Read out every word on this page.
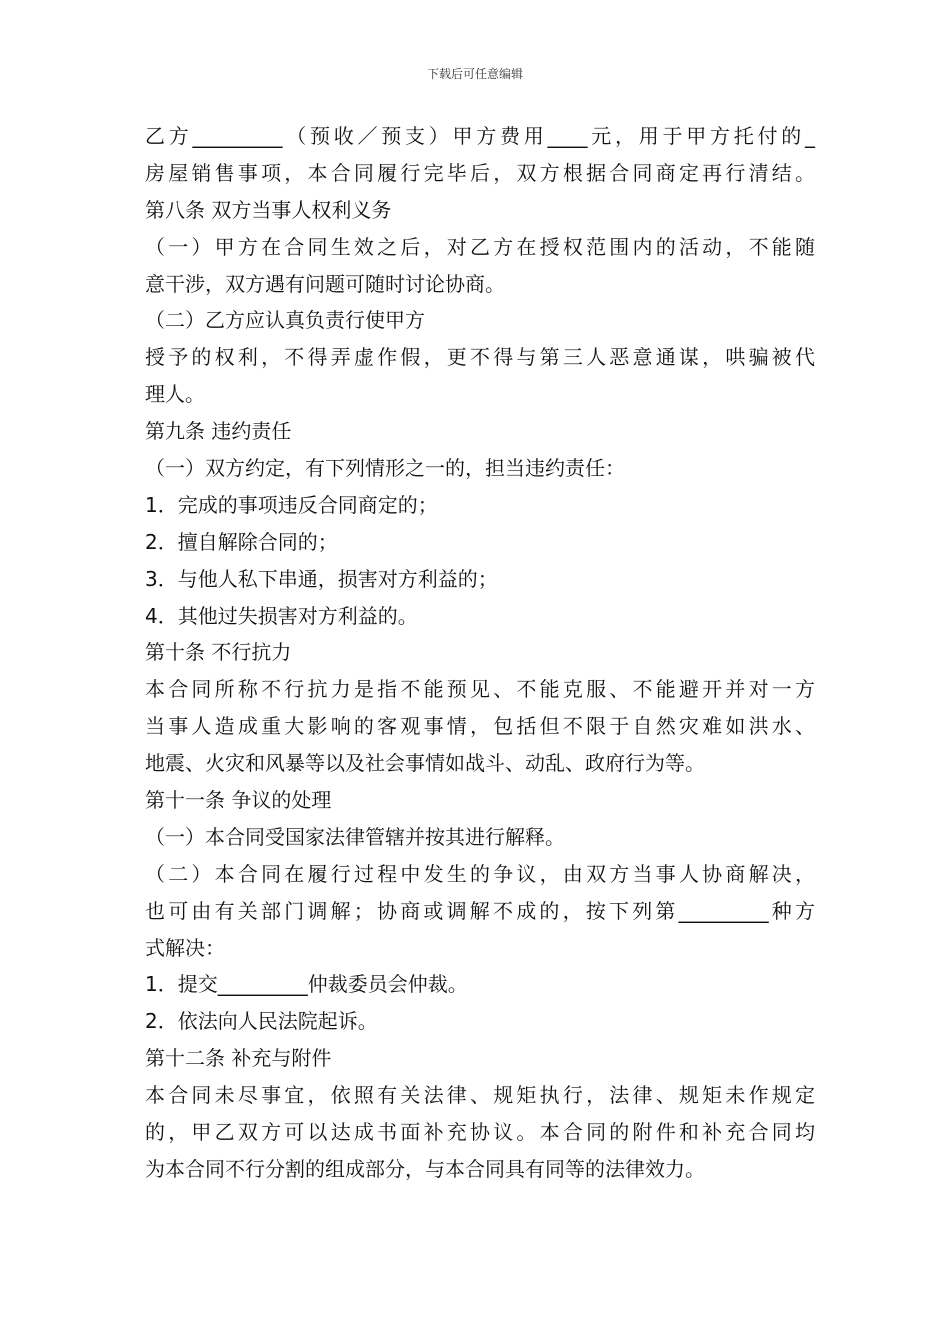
下载后可任意编辑
乙方_________（预收／预支）甲方费用____元，用于甲方托付的_
房屋销售事项，本合同履行完毕后，双方根据合同商定再行清结。
第八条 双方当事人权利义务
（一）甲方在合同生效之后，对乙方在授权范围内的活动，不能随
意干涉，双方遇有问题可随时讨论协商。
（二）乙方应认真负责行使甲方
授予的权利，不得弄虚作假，更不得与第三人恶意通谋，哄骗被代
理人。
第九条 违约责任
（一）双方约定，有下列情形之一的，担当违约责任：
1．完成的事项违反合同商定的；
2．擅自解除合同的；
3．与他人私下串通，损害对方利益的；
4．其他过失损害对方利益的。
第十条 不行抗力
本合同所称不行抗力是指不能预见、不能克服、不能避开并对一方
当事人造成重大影响的客观事情，包括但不限于自然灾难如洪水、
地震、火灾和风暴等以及社会事情如战斗、动乱、政府行为等。
第十一条 争议的处理
（一）本合同受国家法律管辖并按其进行解释。
（二）本合同在履行过程中发生的争议，由双方当事人协商解决，
也可由有关部门调解；协商或调解不成的，按下列第_________种方
式解决：
1．提交_________仲裁委员会仲裁。
2．依法向人民法院起诉。
第十二条 补充与附件
本合同未尽事宜，依照有关法律、规矩执行，法律、规矩未作规定
的，甲乙双方可以达成书面补充协议。本合同的附件和补充合同均
为本合同不行分割的组成部分，与本合同具有同等的法律效力。
